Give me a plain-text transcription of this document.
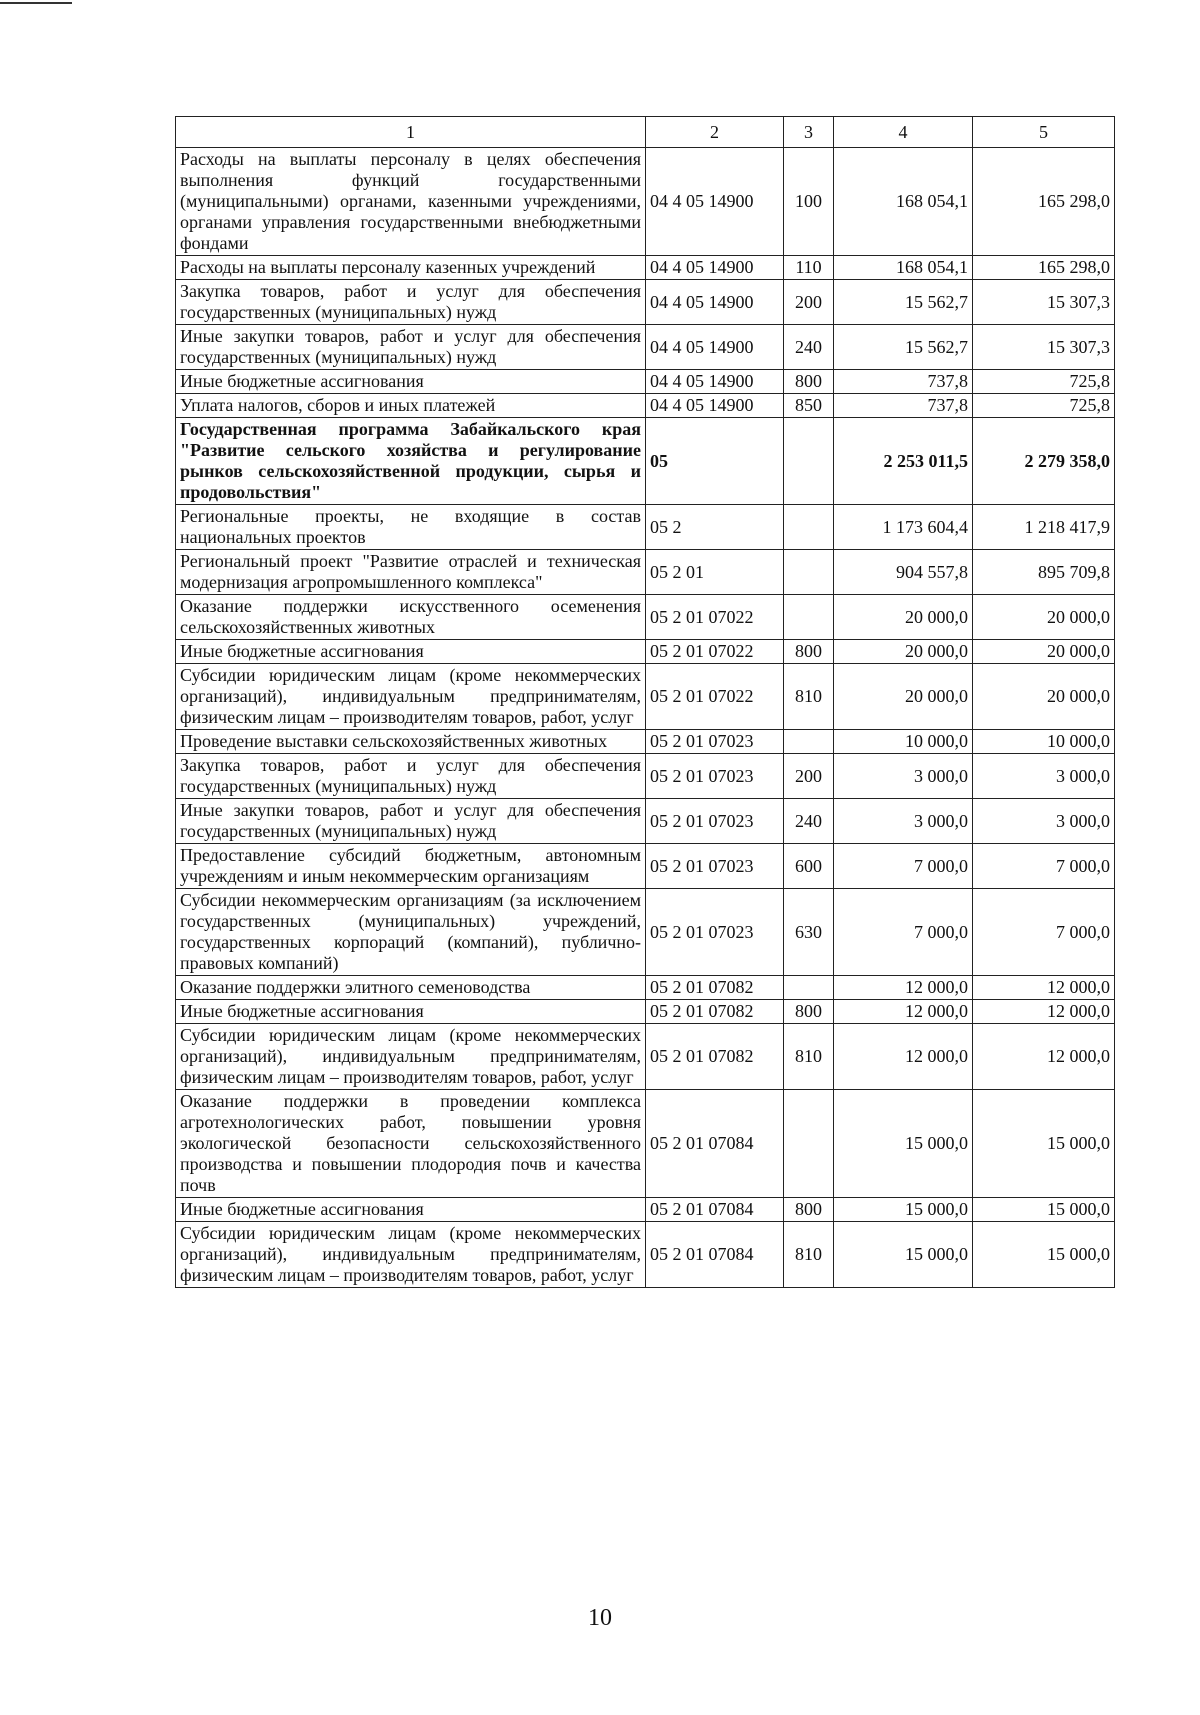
1	2	3	4	5
Расходы на выплаты персоналу в целях обеспечения выполнения функций государственными (муниципальными) органами, казенными учреждениями, органами управления государственными внебюджетными фондами	04 4 05 14900	100	168 054,1	165 298,0
Расходы на выплаты персоналу казенных учреждений	04 4 05 14900	110	168 054,1	165 298,0
Закупка товаров, работ и услуг для обеспечения государственных (муниципальных) нужд	04 4 05 14900	200	15 562,7	15 307,3
Иные закупки товаров, работ и услуг для обеспечения государственных (муниципальных) нужд	04 4 05 14900	240	15 562,7	15 307,3
Иные бюджетные ассигнования	04 4 05 14900	800	737,8	725,8
Уплата налогов, сборов и иных платежей	04 4 05 14900	850	737,8	725,8
Государственная программа Забайкальского края "Развитие сельского хозяйства и регулирование рынков сельскохозяйственной продукции, сырья и продовольствия"	05		2 253 011,5	2 279 358,0
Региональные проекты, не входящие в состав национальных проектов	05 2		1 173 604,4	1 218 417,9
Региональный проект "Развитие отраслей и техническая модернизация агропромышленного комплекса"	05 2 01		904 557,8	895 709,8
Оказание поддержки искусственного осеменения сельскохозяйственных животных	05 2 01 07022		20 000,0	20 000,0
Иные бюджетные ассигнования	05 2 01 07022	800	20 000,0	20 000,0
Субсидии юридическим лицам (кроме некоммерческих организаций), индивидуальным предпринимателям, физическим лицам – производителям товаров, работ, услуг	05 2 01 07022	810	20 000,0	20 000,0
Проведение выставки сельскохозяйственных животных	05 2 01 07023		10 000,0	10 000,0
Закупка товаров, работ и услуг для обеспечения государственных (муниципальных) нужд	05 2 01 07023	200	3 000,0	3 000,0
Иные закупки товаров, работ и услуг для обеспечения государственных (муниципальных) нужд	05 2 01 07023	240	3 000,0	3 000,0
Предоставление субсидий бюджетным, автономным учреждениям и иным некоммерческим организациям	05 2 01 07023	600	7 000,0	7 000,0
Субсидии некоммерческим организациям (за исключением государственных (муниципальных) учреждений, государственных корпораций (компаний), публично-правовых компаний)	05 2 01 07023	630	7 000,0	7 000,0
Оказание поддержки элитного семеноводства	05 2 01 07082		12 000,0	12 000,0
Иные бюджетные ассигнования	05 2 01 07082	800	12 000,0	12 000,0
Субсидии юридическим лицам (кроме некоммерческих организаций), индивидуальным предпринимателям, физическим лицам – производителям товаров, работ, услуг	05 2 01 07082	810	12 000,0	12 000,0
Оказание поддержки в проведении комплекса агротехнологических работ, повышении уровня экологической безопасности сельскохозяйственного производства и повышении плодородия почв и качества почв	05 2 01 07084		15 000,0	15 000,0
Иные бюджетные ассигнования	05 2 01 07084	800	15 000,0	15 000,0
Субсидии юридическим лицам (кроме некоммерческих организаций), индивидуальным предпринимателям, физическим лицам – производителям товаров, работ, услуг	05 2 01 07084	810	15 000,0	15 000,0
10
